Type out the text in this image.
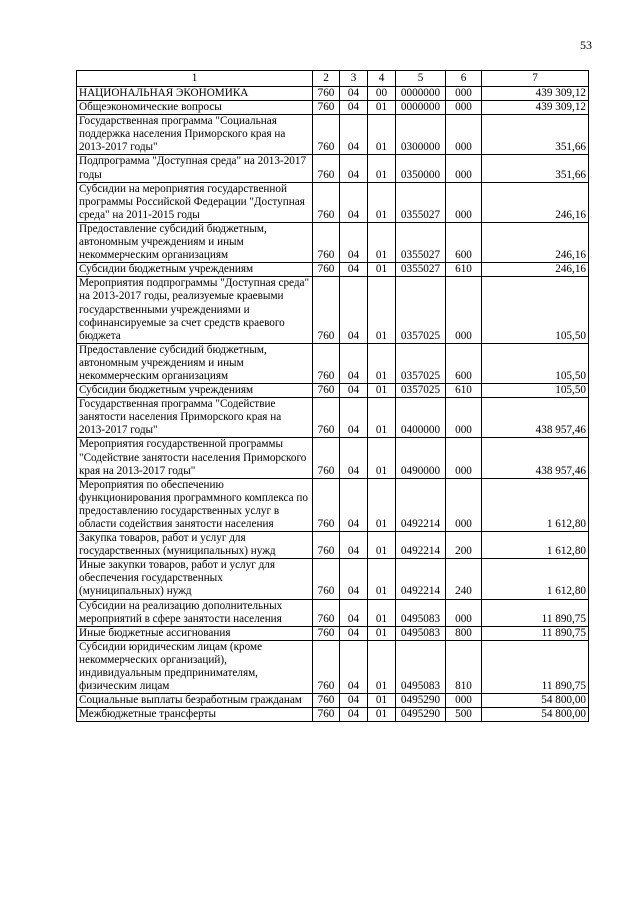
53
1	2	3	4	5	6	7
НАЦИОНАЛЬНАЯ ЭКОНОМИКА	760	04	00	0000000	000	439 309,12
Общеэкономические вопросы	760	04	01	0000000	000	439 309,12
Государственная программа "Социальная поддержка населения Приморского края на 2013-2017 годы"	760	04	01	0300000	000	351,66
Подпрограмма "Доступная среда" на 2013-2017 годы	760	04	01	0350000	000	351,66
Субсидии на мероприятия государственной программы Российской Федерации "Доступная среда" на 2011-2015 годы	760	04	01	0355027	000	246,16
Предоставление субсидий бюджетным, автономным учреждениям и иным некоммерческим организациям	760	04	01	0355027	600	246,16
Субсидии бюджетным учреждениям	760	04	01	0355027	610	246,16
Мероприятия подпрограммы "Доступная среда" на 2013-2017 годы, реализуемые краевыми государственными учреждениями и софинансируемые за счет средств краевого бюджета	760	04	01	0357025	000	105,50
Предоставление субсидий бюджетным, автономным учреждениям и иным некоммерческим организациям	760	04	01	0357025	600	105,50
Субсидии бюджетным учреждениям	760	04	01	0357025	610	105,50
Государственная программа "Содействие занятости населения Приморского края на 2013-2017 годы"	760	04	01	0400000	000	438 957,46
Мероприятия государственной программы "Содействие занятости населения Приморского края на 2013-2017 годы"	760	04	01	0490000	000	438 957,46
Мероприятия по обеспечению функционирования программного комплекса по предоставлению государственных услуг в области содействия занятости населения	760	04	01	0492214	000	1 612,80
Закупка товаров, работ и услуг для государственных (муниципальных) нужд	760	04	01	0492214	200	1 612,80
Иные закупки товаров, работ и услуг для обеспечения государственных (муниципальных) нужд	760	04	01	0492214	240	1 612,80
Субсидии на реализацию дополнительных мероприятий в сфере занятости населения	760	04	01	0495083	000	11 890,75
Иные бюджетные ассигнования	760	04	01	0495083	800	11 890,75
Субсидии юридическим лицам (кроме некоммерческих организаций), индивидуальным предпринимателям, физическим лицам	760	04	01	0495083	810	11 890,75
Социальные выплаты безработным гражданам	760	04	01	0495290	000	54 800,00
Межбюджетные трансферты	760	04	01	0495290	500	54 800,00
